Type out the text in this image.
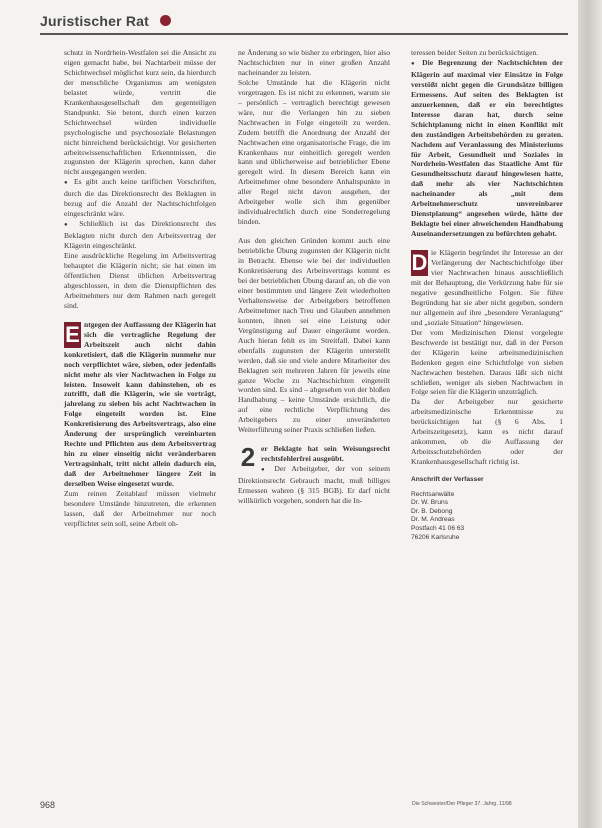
Juristischer Rat

schutz in Nordrhein-Westfalen sei die Ansicht zu eigen gemacht habe, bei Nachtarbeit müsse der Schichtwechsel möglichst kurz sein, da hierdurch der menschliche Organismus am wenigsten belastet würde, vertritt die Krankenhausgesellschaft den gegenteiligen Standpunkt. Sie betont, durch einen kurzen Schichtwechsel würden individuelle psychologische und psychosoziale Belastungen nicht hinreichend berücksichtigt. Vor gesicherten arbeitswissenschaftlichen Erkenntnissen, die zugunsten der Klägerin sprechen, kann daher nicht ausgegangen werden.

● Es gibt auch keine tariflichen Vorschriften, durch die das Direktionsrecht des Beklagten in bezug auf die Anzahl der Nachtschichtfolgen eingeschränkt wäre.

● Schließlich ist das Direktionsrecht des Beklagten nicht durch den Arbeitsvertrag der Klägerin eingeschränkt.

Eine ausdrückliche Regelung im Arbeitsvertrag behauptet die Klägerin nicht; sie hat einen im öffentlichen Dienst üblichen Arbeitsvertrag abgeschlossen, in dem die Dienstpflichten des Arbeitnehmers nur dem Rahmen nach geregelt sind.

E ntgegen der Auffassung der Klägerin hat sich die vertragliche Regelung der Arbeitszeit auch nicht dahin konkretisiert, daß die Klägerin nunmehr nur noch verpflichtet wäre, sieben, oder jedenfalls nicht mehr als vier Nachtwachen in Folge zu leisten. Insoweit kann dahinstehen, ob es zutrifft, daß die Klägerin, wie sie vorträgt, jahrelang zu sieben bis acht Nachtwachen in Folge eingeteilt worden ist. Eine Konkretisierung des Arbeitsvertrags, also eine Änderung der ursprünglich vereinbarten Rechte und Pflichten aus dem Arbeitsvertrag hin zu einer einseitig nicht veränderbaren Vertragsinhalt, tritt nicht allein dadurch ein, daß der Arbeitnehmer längere Zeit in derselben Weise eingesetzt wurde.

Zum reinen Zeitablauf müssen vielmehr besondere Umstände hinzutreten, die erkennen lassen, daß der Arbeitnehmer nur noch verpflichtet sein soll, seine Arbeit oh-

ne Änderung so wie bisher zu erbringen, hier also Nachtschichten nur in einer großen Anzahl nacheinander zu leisten.

Solche Umstände hat die Klägerin nicht vorgetragen. Es ist nicht zu erkennen, warum sie – persönlich – vertraglich berechtigt gewesen wäre, nur die Verlangen hin zu sieben Nachtwachen in Folge eingeteilt zu werden. Zudem betrifft die Anordnung der Anzahl der Nachtwachen eine organisatorische Frage, die im Krankenhaus nur einheitlich geregelt werden kann und üblicherweise auf betrieblicher Ebene geregelt wird. In diesem Bereich kann ein Arbeitnehmer ohne besondere Anhaltspunkte in aller Regel nicht davon ausgehen, der Arbeitgeber wolle sich ihm gegenüber individualrechtlich durch eine Sonderregelung binden.

Aus den gleichen Gründen kommt auch eine betriebliche Übung zugunsten der Klägerin nicht in Betracht. Ebenso wie bei der individuellen Konkretisierung des Arbeitsvertrags kommt es bei der betrieblichen Übung darauf an, ob die von einer bestimmten und längere Zeit wiederholten Verhaltensweise der Arbeitgebers betroffenen Arbeitnehmer nach Treu und Glauben annehmen konnten, ihnen sei eine Leistung oder Vergünstigung auf Dauer eingeräumt worden. Auch hieran fehlt es im Streitfall. Dabei kann ebenfalls zugunsten der Klägerin unterstellt werden, daß sie und viele andere Mitarbeiter des Beklagten seit mehreren Jahren für jeweils eine ganze Woche zu Nachtschichten eingeteilt worden sind. Es sind – abgesehen von der bloßen Handhabung – keine Umstände ersichtlich, die auf eine rechtliche Verpflichtung des Arbeitgebers zu einer unveränderten Weiterführung seiner Praxis schließen ließen.

2 er Beklagte hat sein Weisungsrecht rechtsfehlerfrei ausgeübt.

● Der Arbeitgeber, der von seinem Direktionsrecht Gebrauch macht, muß billiges Ermessen wahren (§ 315 BGB). Er darf nicht willkürlich vorgehen, sondern hat die In-

teressen beider Seiten zu berücksichtigen.

● Die Begrenzung der Nachtschichten der Klägerin auf maximal vier Einsätze in Folge verstößt nicht gegen die Grundsätze billigen Ermessens. Auf seiten des Beklagten ist anzuerkennen, daß er ein berechtigtes Interesse daran hat, durch seine Schichtplanung nicht in einen Konflikt mit den zuständigen Arbeitsbehörden zu geraten. Nachdem auf Veranlassung des Ministeriums für Arbeit, Gesundheit und Soziales in Nordrhein-Westfalen das Staatliche Amt für Gesundheitsschutz darauf hingewiesen hatte, daß mehr als vier Nachtschichten nacheinander als „mit dem Arbeitnehmerschutz unvereinbarer Dienstplanung“ angesehen würde, hätte der Beklagte bei einer abweichenden Handhabung Auseinandersetzungen zu befürchten gehabt.

D ie Klägerin begründet ihr Interesse an der Verlängerung der Nachtschichtfolge über vier Nachtwachen hinaus ausschließlich mit der Behauptung, die Verkürzung habe für sie negative gesundheitliche Folgen. Sie führe Begründung hat sie aber nicht gegeben, sondern nur allgemein auf ihre „besondere Veranlagung“ und „soziale Situation“ hingewiesen.

Der vom Medizinischen Dienst vorgelegte Beschwerde ist bestätigt nur, daß in der Person der Klägerin keine arbeitsmedizinischen Bedenken gegen eine Schichtfolge von sieben Nachtwachen bestehen. Daraus läßt sich nicht schließen, weniger als sieben Nachtwachen in Folge seien für die Klägerin unzuträglich.

Da der Arbeitgeber nur gesicherte arbeitsmedizinische Erkenntnisse zu berücksichtigen hat (§ 6 Abs. 1 Arbeitszeitgesetz), kann es nicht darauf ankommen, ob die Auffassung der Arbeitsschutzbehörden oder der Krankenhausgesellschaft richtig ist.

Anschrift der Verfasser
Rechtsanwälte
Dr. W. Bruns
Dr. B. Debong
Dr. M. Andreas
Postfach 41 06 63
76206 Karlsruhe
968	Die Schwester/Der Pfleger 37. Jahrg. 11/98
